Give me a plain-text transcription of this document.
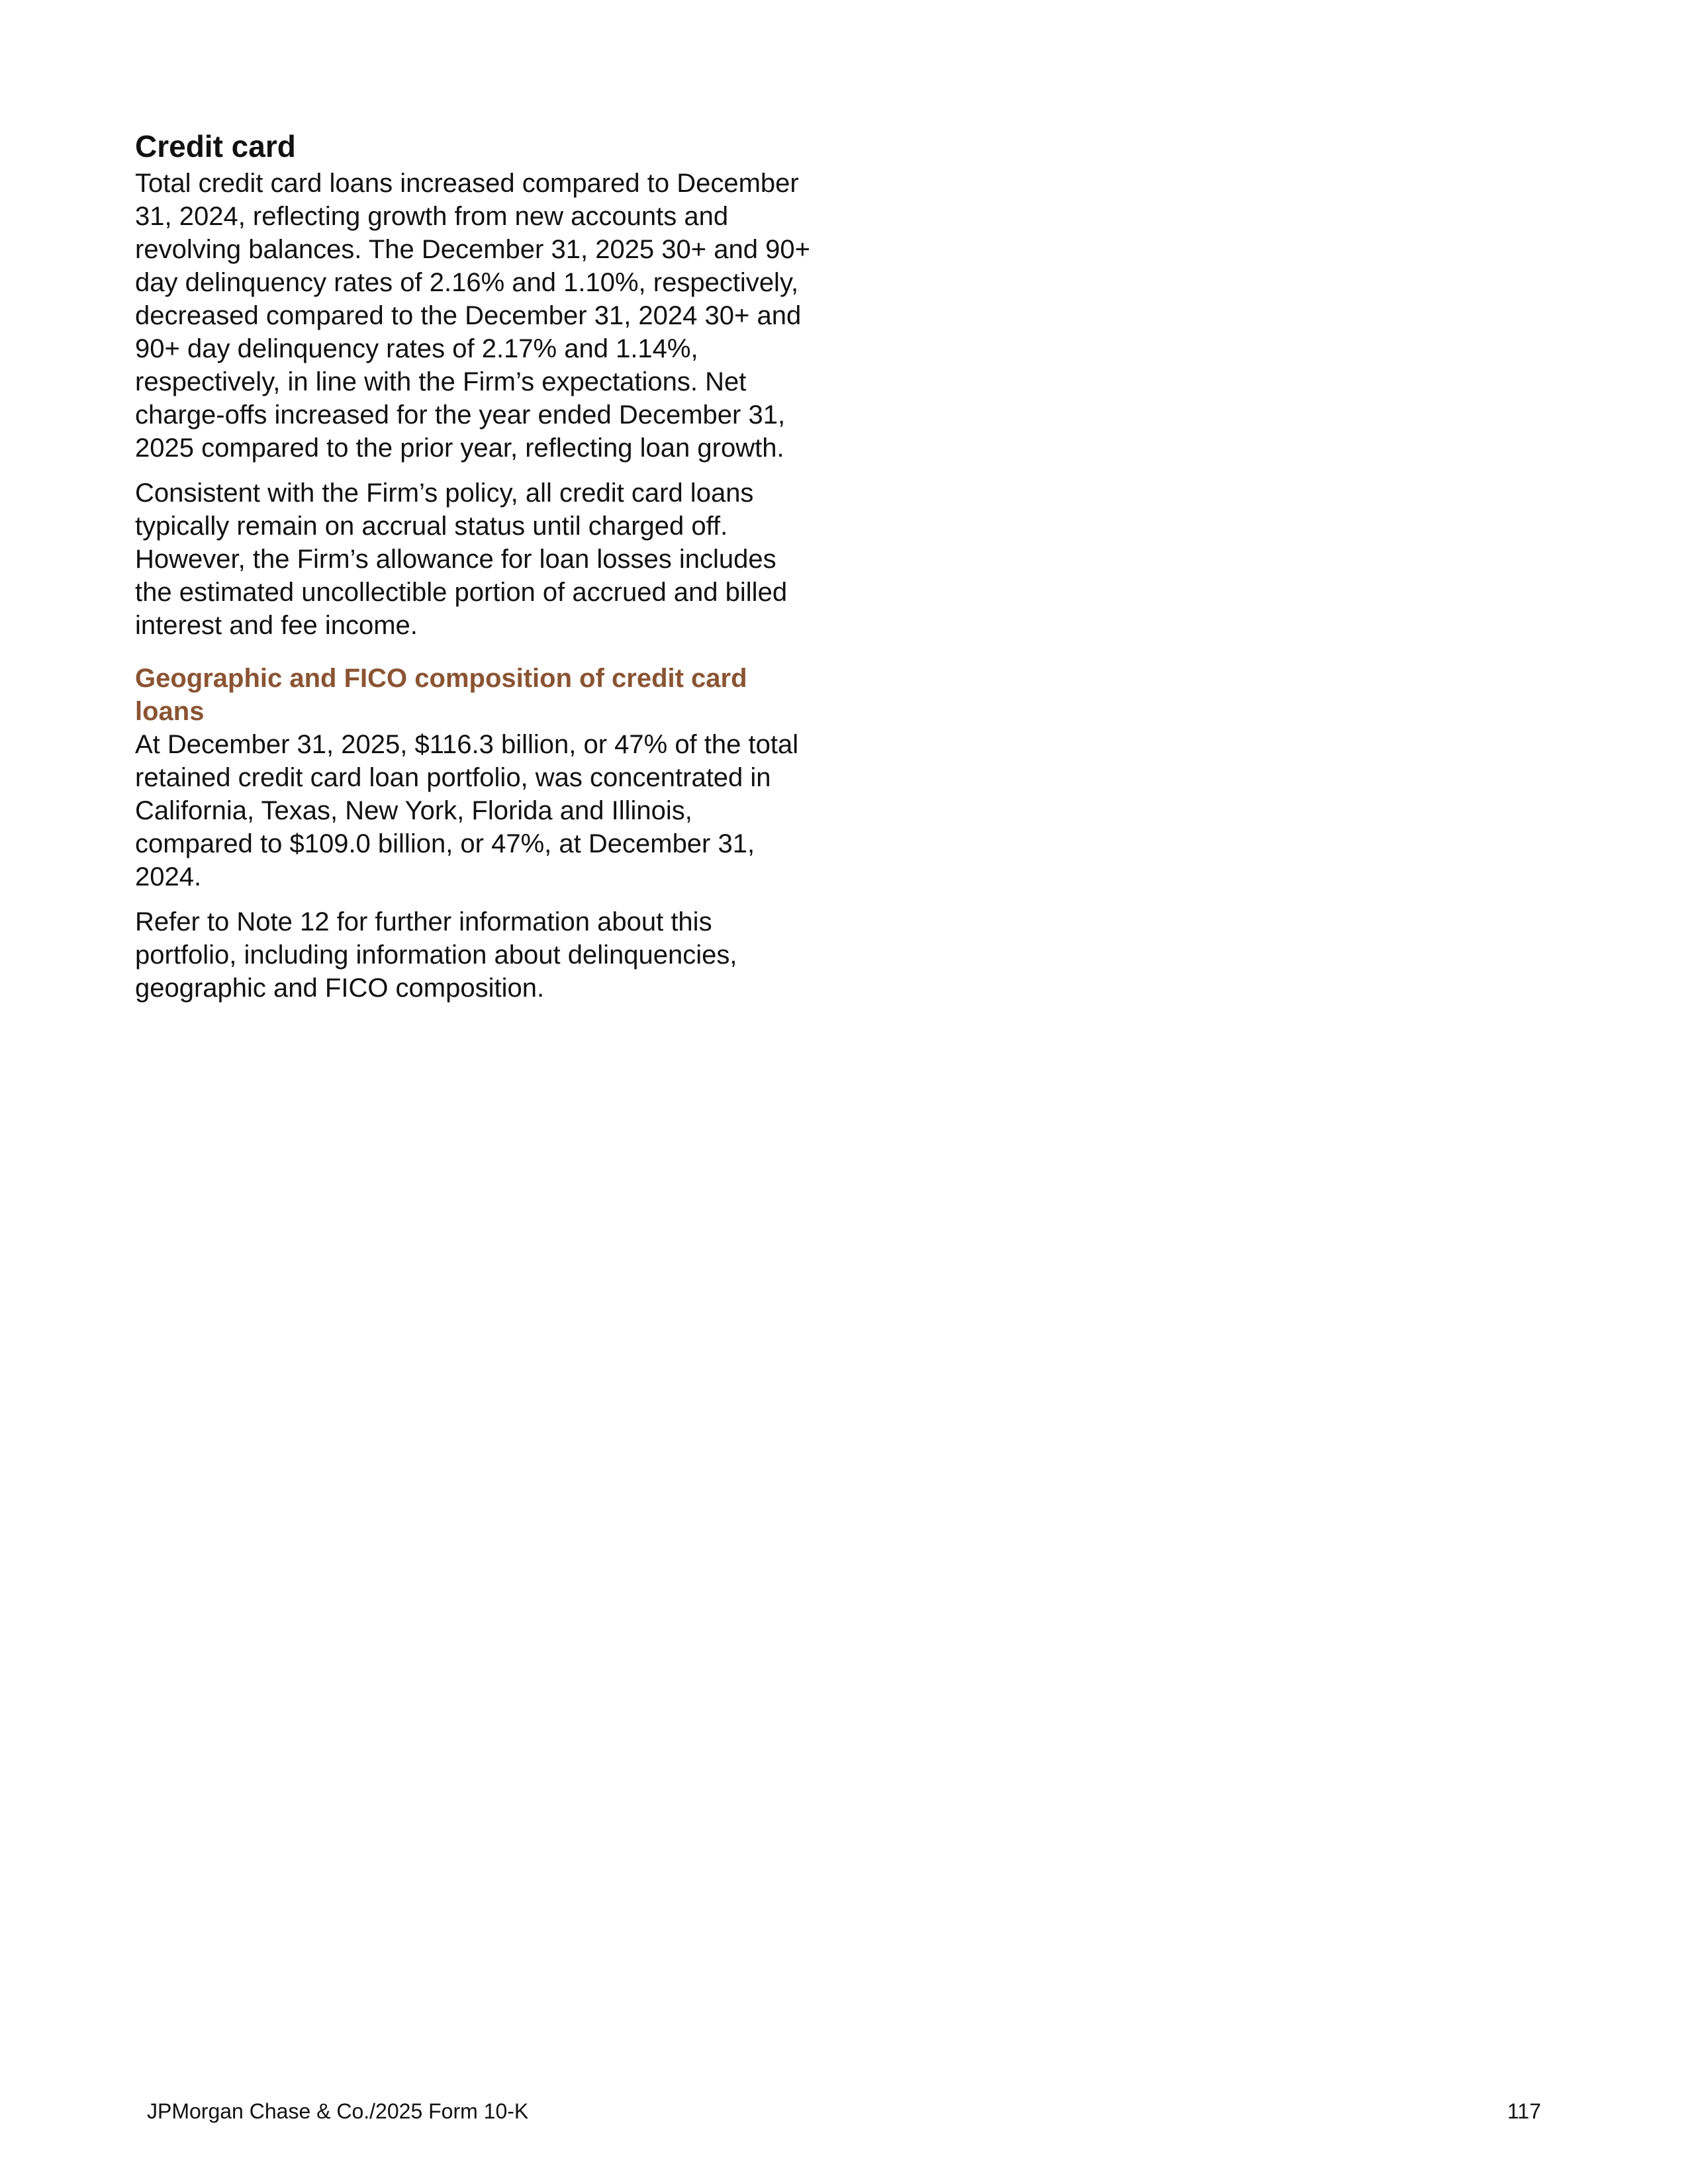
Credit card

Total credit card loans increased compared to December 31, 2024, reflecting growth from new accounts and revolving balances. The December 31, 2025 30+ and 90+ day delinquency rates of 2.16% and 1.10%, respectively, decreased compared to the December 31, 2024 30+ and 90+ day delinquency rates of 2.17% and 1.14%, respectively, in line with the Firm’s expectations. Net charge-offs increased for the year ended December 31, 2025 compared to the prior year, reflecting loan growth.

Consistent with the Firm’s policy, all credit card loans typically remain on accrual status until charged off. However, the Firm’s allowance for loan losses includes the estimated uncollectible portion of accrued and billed interest and fee income.

Geographic and FICO composition of credit card loans

At December 31, 2025, $116.3 billion, or 47% of the total retained credit card loan portfolio, was concentrated in California, Texas, New York, Florida and Illinois, compared to $109.0 billion, or 47%, at December 31, 2024.

Refer to Note 12 for further information about this portfolio, including information about delinquencies, geographic and FICO composition.

JPMorgan Chase & Co./2025 Form 10-K	117
